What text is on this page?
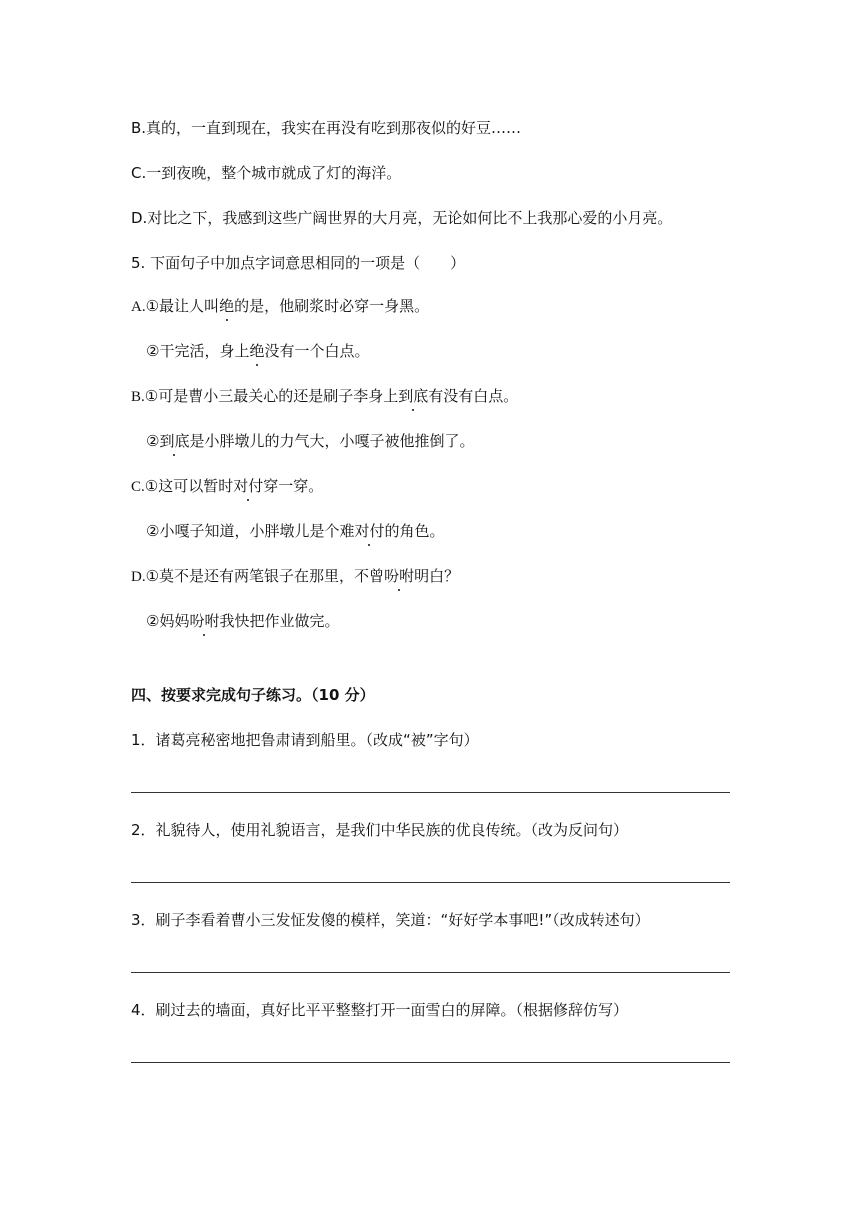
B.真的，一直到现在，我实在再没有吃到那夜似的好豆……
C.一到夜晚，整个城市就成了灯的海洋。
D.对比之下，我感到这些广阔世界的大月亮，无论如何比不上我那心爱的小月亮。
5. 下面句子中加点字词意思相同的一项是（　　）
A.①最让人叫绝的是，他刷浆时必穿一身黑。
②干完活，身上绝没有一个白点。
B.①可是曹小三最关心的还是刷子李身上到底有没有白点。
②到底是小胖墩儿的力气大，小嘎子被他推倒了。
C.①这可以暂时对付穿一穿。
②小嘎子知道，小胖墩儿是个难对付的角色。
D.①莫不是还有两笔银子在那里，不曾吩咐明白？
②妈妈吩咐我快把作业做完。
四、按要求完成句子练习。（10 分）
1．诸葛亮秘密地把鲁肃请到船里。（改成“被”字句）
2．礼貌待人，使用礼貌语言，是我们中华民族的优良传统。（改为反问句）
3．刷子李看着曹小三发怔发傻的模样，笑道：“好好学本事吧!”（改成转述句）
4．刷过去的墙面，真好比平平整整打开一面雪白的屏障。（根据修辞仿写）
